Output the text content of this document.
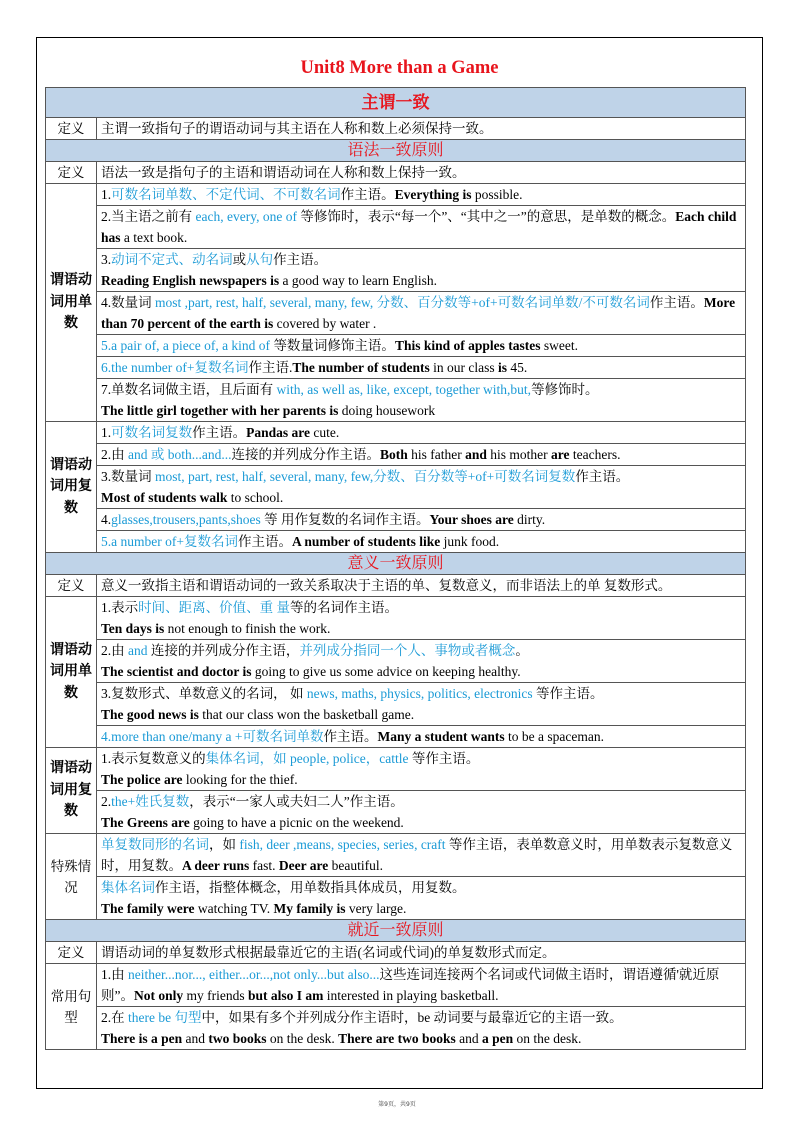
Unit8 More than a Game
主谓一致	
定义	主谓一致指句子的谓语动词与其主语在人称和数上必须保持一致。
语法一致原则	
定义	语法一致是指句子的主语和谓语动词在人称和数上保持一致。
谓语动词用单数	1.可数名词单数、不定代词、不可数名词作主语。Everything is possible.
	2.当主语之前有 each, every, one of 等修饰时，表示“每一个”、“其中之一”的意思，是单数的概念。Each child has a text book.
	3.动词不定式、动名词或从句作主语。
Reading English newspapers is a good way to learn English.
	4.数量词 most ,part, rest, half, several, many, few, 分数、百分数等+of+可数名词单数/不可数名词作主语。More than 70 percent of the earth is covered by water .
	5.a pair of, a piece of, a kind of 等数量词修饰主语。This kind of apples tastes sweet.
	6.the number of+复数名词作主语.The number of students in our class is 45.
	7.单数名词做主语，且后面有 with, as well as, like, except, together with,but,等修饰时。
The little girl together with her parents is doing housework
谓语动词用复数	1.可数名词复数作主语。Pandas are cute.
	2.由 and 或 both...and...连接的并列成分作主语。Both his father and his mother are teachers.
	3.数量词 most, part, rest, half, several, many, few,分数、百分数等+of+可数名词复数作主语。
Most of students walk to school.
	4.glasses,trousers,pants,shoes 等 用作复数的名词作主语。Your shoes are dirty.
	5.a number of+复数名词作主语。A number of students like junk food.
意义一致原则	
定义	意义一致指主语和谓语动词的一致关系取决于主语的单、复数意义，而非语法上的单 复数形式。
谓语动词用单数	1.表示时间、距离、价值、重 量等的名词作主语。
Ten days is not enough to finish the work.
	2.由 and 连接的并列成分作主语，并列成分指同一个人、事物或者概念。
The scientist and doctor is going to give us some advice on keeping healthy.
	3.复数形式、单数意义的名词， 如 news, maths, physics, politics, electronics 等作主语。
The good news is that our class won the basketball game.
	4.more than one/many a +可数名词单数作主语。Many a student wants to be a spaceman.
谓语动词用复数	1.表示复数意义的集体名词，如 people, police，cattle 等作主语。
The police are looking for the thief.
	2.the+姓氏复数，表示“一家人或夫妇二人”作主语。
The Greens are going to have a picnic on the weekend.
特殊情况	单复数同形的名词，如 fish, deer ,means, species, series, craft 等作主语，表单数意义时，用单数表示复数意义时，用复数。A deer runs fast. Deer are beautiful.
	集体名词作主语，指整体概念，用单数指具体成员，用复数。
The family were watching TV. My family is very large.
就近一致原则	
定义	谓语动词的单复数形式根据最靠近它的主语(名词或代词)的单复数形式而定。
常用句型	1.由 neither...nor..., either...or...,not only...but also...这些连词连接两个名词或代词做主语时，谓语遵循'就近原则”。Not only my friends but also I am interested in playing basketball.
	2.在 there be 句型中，如果有多个并列成分作主语时，be 动词要与最靠近它的主语一致。
There is a pen and two books on the desk. There are two books and a pen on the desk.
第9页，共9页
